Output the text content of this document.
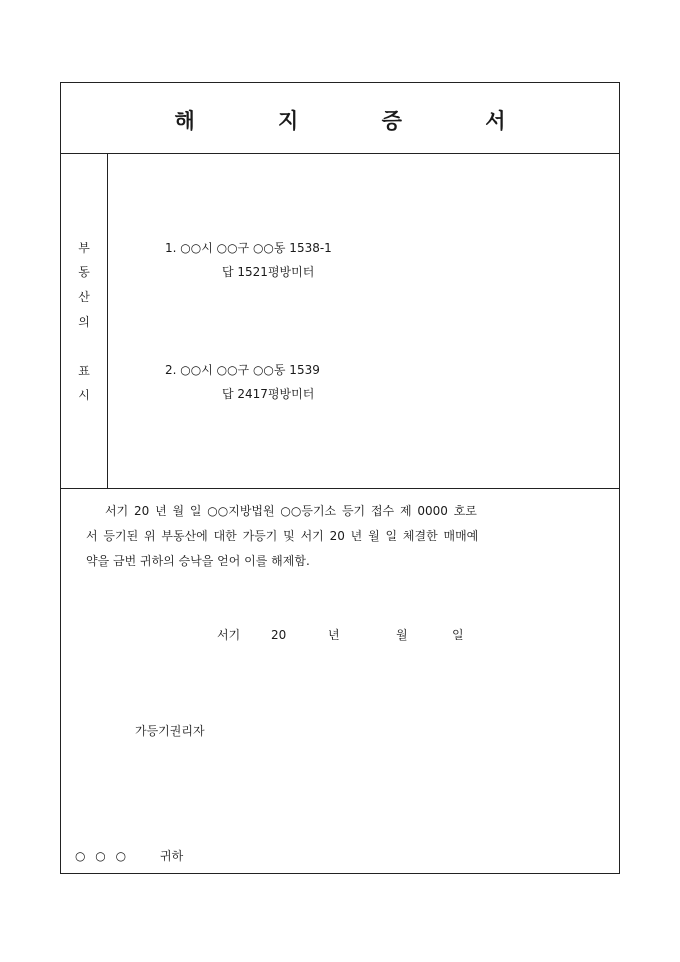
해 지 증 서
부
동
산
의
표
시
1. ○○시 ○○구 ○○동 1538-1
답 1521평방미터
2. ○○시 ○○구 ○○동 1539
답 2417평방미터
서기 20 년 월 일 ○○지방법원 ○○등기소 등기 접수 제 0000 호로
서 등기된 위 부동산에 대한 가등기 및 서기 20 년 월 일 체결한 매매예
약을 금번 귀하의 승낙을 얻어 이를 해제함.
서기	20	년	월	일
가등기권리자
○ ○ ○	귀하
